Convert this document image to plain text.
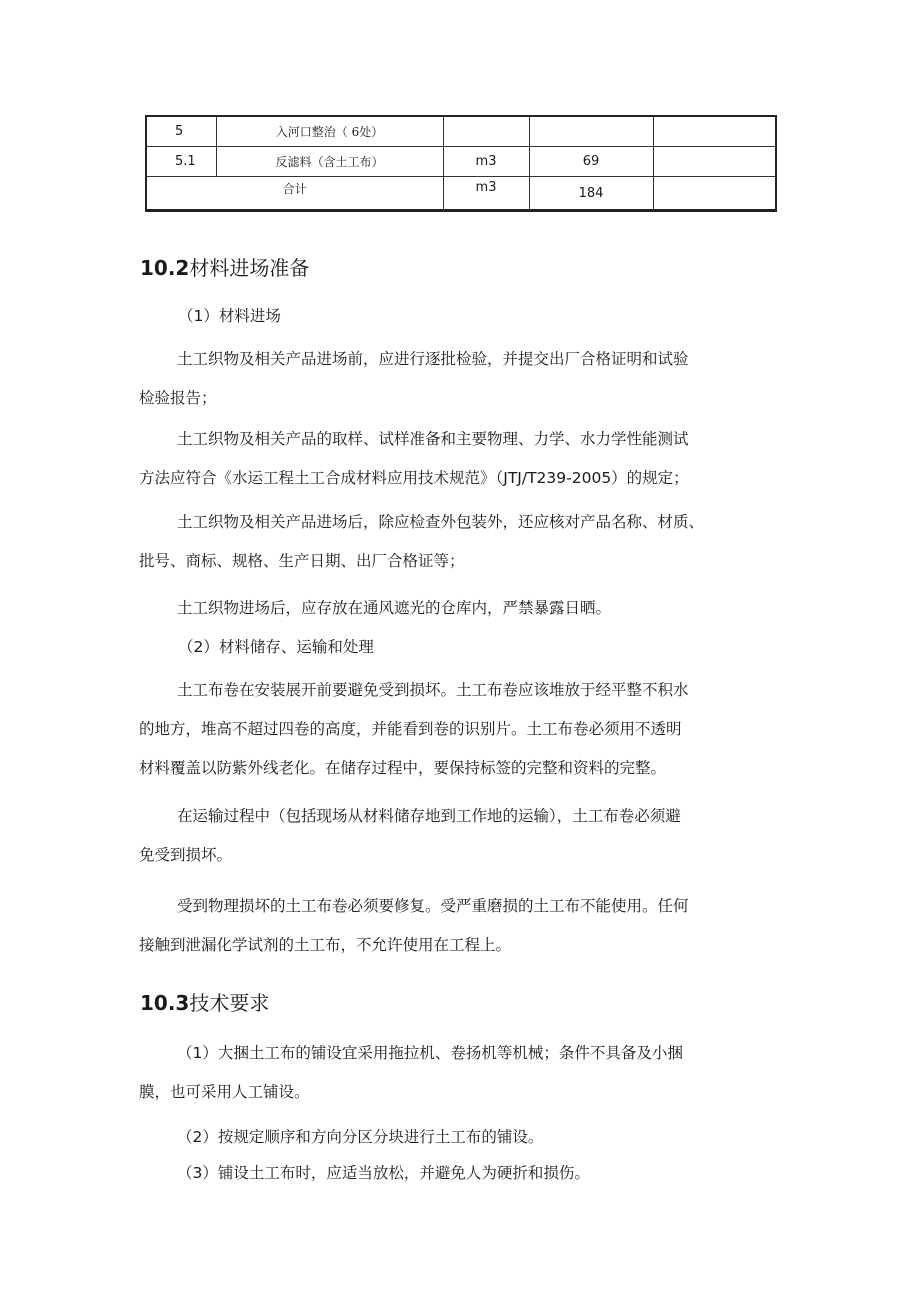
5	入河口整治（ 6处）			
5.1	反滤料（含土工布）	m3	69	
合计		m3	184	
10.2材料进场准备

（1）材料进场

土工织物及相关产品进场前，应进行逐批检验，并提交出厂合格证明和试验
检验报告；
土工织物及相关产品的取样、试样准备和主要物理、力学、水力学性能测试
方法应符合《水运工程土工合成材料应用技术规范》（JTJ/T239-2005）的规定；
土工织物及相关产品进场后，除应检查外包装外，还应核对产品名称、材质、
批号、商标、规格、生产日期、出厂合格证等；
土工织物进场后，应存放在通风遮光的仓库内，严禁暴露日晒。

（2）材料储存、运输和处理

土工布卷在安装展开前要避免受到损坏。土工布卷应该堆放于经平整不积水
的地方，堆高不超过四卷的高度，并能看到卷的识别片。土工布卷必须用不透明
材料覆盖以防紫外线老化。在储存过程中，要保持标签的完整和资料的完整。
在运输过程中（包括现场从材料储存地到工作地的运输），土工布卷必须避
免受到损坏。
受到物理损坏的土工布卷必须要修复。受严重磨损的土工布不能使用。任何
接触到泄漏化学试剂的土工布，不允许使用在工程上。
10.3技术要求
（1）大捆土工布的铺设宜采用拖拉机、卷扬机等机械；条件不具备及小捆
膜，也可采用人工铺设。
（2）按规定顺序和方向分区分块进行土工布的铺设。
（3）铺设土工布时，应适当放松，并避免人为硬折和损伤。
